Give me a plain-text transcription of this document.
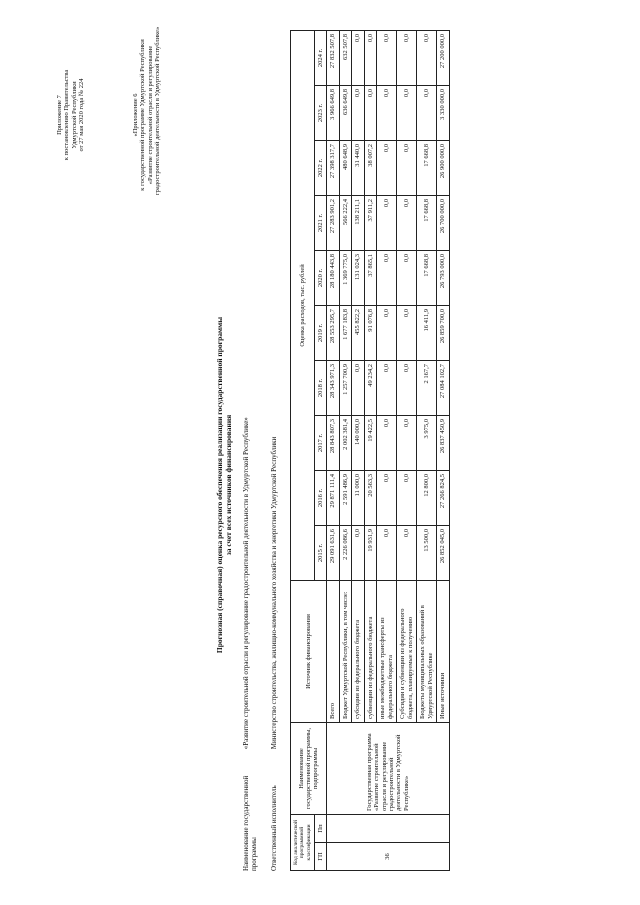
Приложение 7 к постановлению Правительства Удмуртской Республики от 27 мая 2020 года № 224	«Приложение 6 к государственной программе Удмуртской Республики «Развитие строительной отрасли и регулирование градостроительной деятельности в Удмуртской Республике»
Прогнозная (справочная) оценка ресурсного обеспечения реализации государственной программы за счет всех источников финансирования
Наименование государственной программы «Развитие строительной отрасли и регулирование градостроительной деятельности в Удмуртской Республике»
Ответственный исполнитель Министерство строительства, жилищно-коммунального хозяйства и энергетики Удмуртской Республики
Код аналитической программной классификации		Наименование государственной программы, подпрограммы	Источник финансирования	Оценка расходов, тыс. рублей									
ГП	Пп			2015 г.	2016 г.	2017 г.	2018 г.	2019 г.	2020 г.	2021 г.	2022 г.	2023 г.	2024 г.

36		Государственная программа «Развитие строительной отрасли и регулирование градостроительной деятельности в Удмуртской Республике»	Всего	29 091 631,6	29 871 111,4	28 843 807,3	28 343 971,3	28 553 295,7	28 180 443,8	27 283 901,2	27 398 317,7	3 966 649,8	27 832 507,8
			Бюджет Удмуртской Республики, в том числе:	2 226 086,6	2 591 486,9	2 002 381,4	1 257 700,9	1 677 183,8	1 369 775,0	566 222,4	480 648,9	636 649,8	632 507,8
			субсидии из федерального бюджета	0,0	11 000,0	140 000,0	0,0	455 822,2	131 024,3	138 211,1	31 440,0	0,0	0,0
			субвенции из федерального бюджета	19 931,9	20 563,3	19 422,5	49 234,2	91 076,8	37 865,1	37 911,2	38 007,2	0,0	0,0
			иные межбюджетные трансферты из федерального бюджета	0,0	0,0	0,0	0,0	0,0	0,0	0,0	0,0	0,0	0,0
			Субсидии и субвенции из федерального бюджета, планируемые к получению	0,0	0,0	0,0	0,0	0,0	0,0	0,0	0,0	0,0	0,0
			Бюджеты муниципальных образований в Удмуртской Республике	13 500,0	12 800,0	3 975,0	2 167,7	16 411,9	17 668,8	17 668,8	17 668,8	0,0	0,0
			Иные источники	26 852 045,0	27 266 824,5	26 837 450,9	27 084 102,7	26 859 700,0	26 793 000,0	26 700 000,0	26 900 000,0	3 330 000,0	27 200 000,0
